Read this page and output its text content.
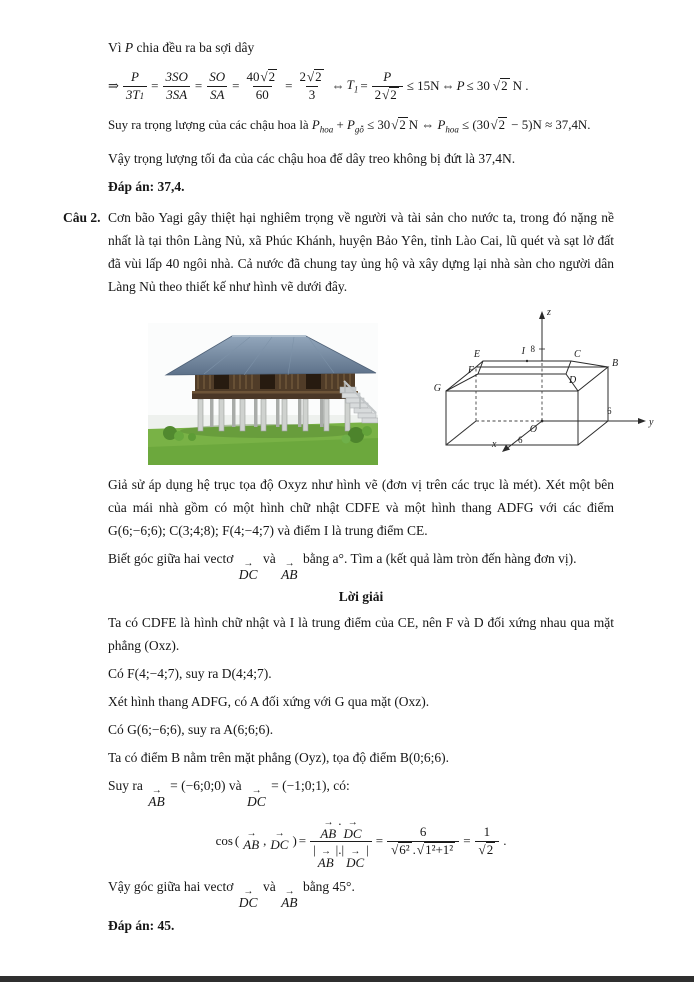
Vì P chia đều ra ba sợi dây

⇒ $\frac{P}{3T 1} = \frac{3SO}{3SA} = \frac{SO}{SA} = \frac{40 √ 2}{60} = \frac{2 √ 2}{3}$ ⇔ $T_1 = \frac{P}{2 √ 2} \le 15N$ ⇔ P ≤ 30 √ 2 N .

Suy ra trọng lượng của các chậu hoa là $P_{hoa} + P_{gỗ} \le 30$ √ 2 N ⇔ $P_{hoa} \le (30$ √ 2 − 5)N ≈ 37,4N.

Vậy trọng lượng tối đa của các chậu hoa để dây treo không bị đứt là 37,4N.

Đáp án: 37,4.

Câu 2. Cơn bão Yagi gây thiệt hại nghiêm trọng về người và tài sản cho nước ta, trong đó nặng nề nhất là tại thôn Làng Nủ, xã Phúc Khánh, huyện Bảo Yên, tỉnh Lào Cai, lũ quét và sạt lở đất đã vùi lấp 40 ngôi nhà. Cả nước đã chung tay ủng hộ và xây dựng lại nhà sàn cho người dân Làng Nủ theo thiết kế như hình vẽ dưới đây.

E	C
B
D
F
G
I
O
z
y
x
8
6
6

Giả sử áp dụng hệ trục tọa độ Oxyz như hình vẽ (đơn vị trên các trục là mét). Xét một bên của mái nhà gồm có một hình chữ nhật CDFE và một hình thang ADFG với các điểm G(6;−6;6); C(3;4;8); F(4;−4;7) và điểm I là trung điểm CE.

Biết góc giữa hai vectơ →
DC
và →
AB
bằng a°. Tìm a (kết quả làm tròn đến hàng đơn vị).

Lời giải

Ta có CDFE là hình chữ nhật và I là trung điểm của CE, nên F và D đối xứng nhau qua mặt phẳng (Oxz).

Có F(4;−4;7), suy ra D(4;4;7).

Xét hình thang ADFG, có A đối xứng với G qua mặt (Oxz).

Có G(6;−6;6), suy ra A(6;6;6).

Ta có điểm B nằm trên mặt phẳng (Oyz), tọa độ điểm B(0;6;6).

Suy ra →
AB
= (−6;0;0) và →
DC
= (−1;0;1), có:

cos ( →
AB , →
DC ) = →
AB
. →
DC
| →
AB
| . | →
DC
| = $\frac{6}{\text{√ 6² . √ 1²+1²}} = \frac{1}{√ 2}$ .

Vậy góc giữa hai vectơ →
DC
và →
AB
bằng 45°.

Đáp án: 45.
